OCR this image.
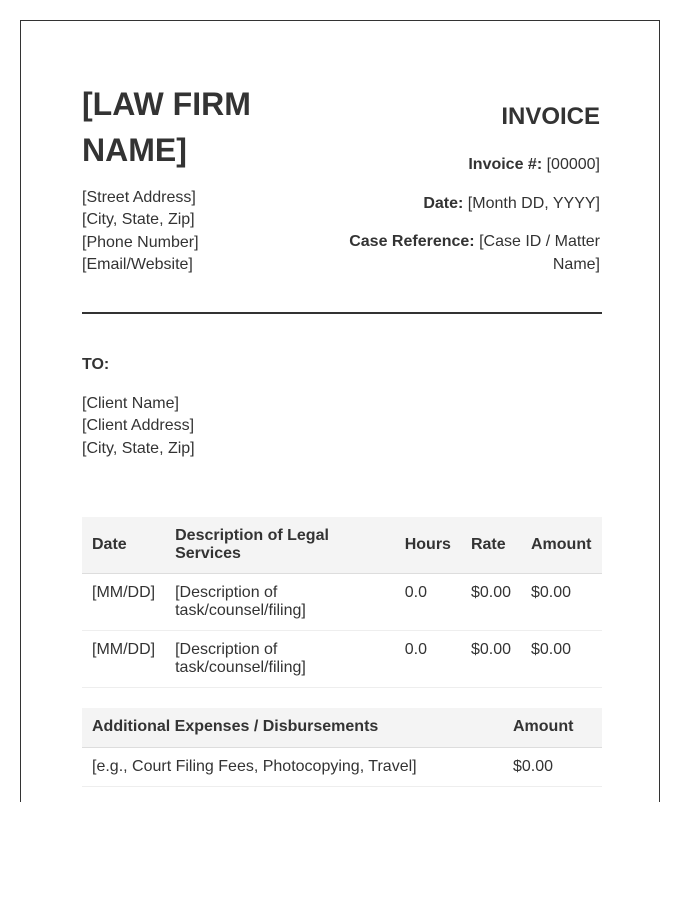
[LAW FIRM NAME]
[Street Address]
[City, State, Zip]
[Phone Number]
[Email/Website]
INVOICE
Invoice #: [00000]
Date: [Month DD, YYYY]
Case Reference: [Case ID / Matter Name]
TO:
[Client Name]
[Client Address]
[City, State, Zip]
Date	Description of Legal Services	Hours	Rate	Amount
[MM/DD]	[Description of task/counsel/filing]	0.0	$0.00	$0.00
[MM/DD]	[Description of task/counsel/filing]	0.0	$0.00	$0.00
Additional Expenses / Disbursements	Amount
[e.g., Court Filing Fees, Photocopying, Travel]	$0.00
